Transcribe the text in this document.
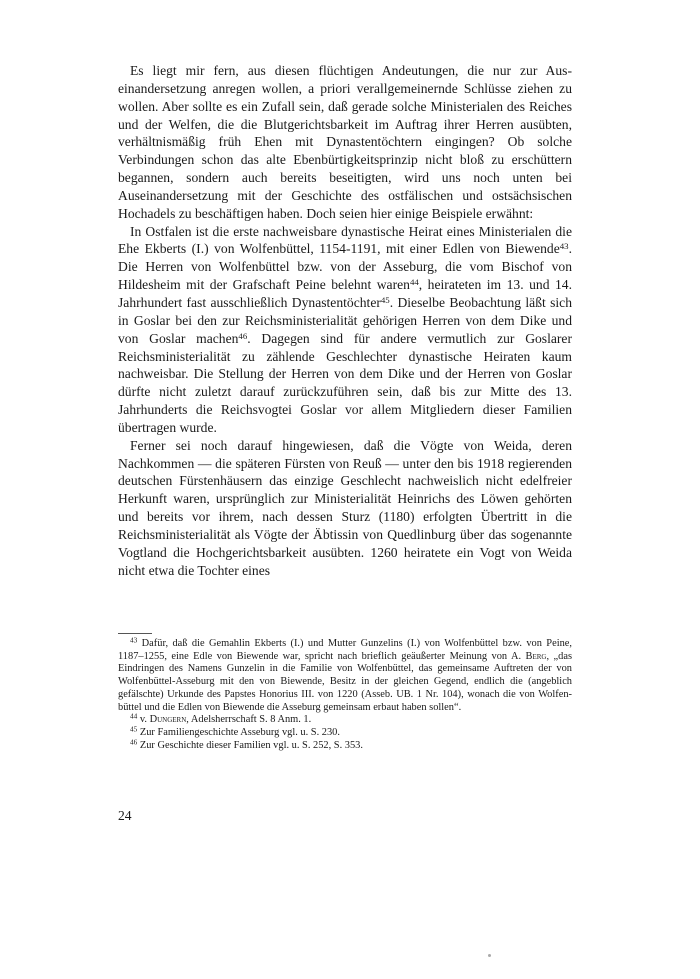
Es liegt mir fern, aus diesen flüchtigen Andeutungen, die nur zur Auseinandersetzung anregen wollen, a priori verallgemeinernde Schlüsse ziehen zu wollen. Aber sollte es ein Zufall sein, daß gerade solche Ministerialen des Reiches und der Welfen, die die Blutgerichtsbarkeit im Auftrag ihrer Herren ausübten, verhältnismäßig früh Ehen mit Dynastentöchtern eingingen? Ob solche Verbindungen schon das alte Ebenbürtigkeitsprinzip nicht bloß zu erschüttern begannen, sondern auch bereits beseitigten, wird uns noch unten bei Auseinandersetzung mit der Geschichte des ostfälischen und ostsächsischen Hochadels zu beschäftigen haben. Doch seien hier einige Beispiele erwähnt:

In Ostfalen ist die erste nachweisbare dynastische Heirat eines Ministerialen die Ehe Ekberts (I.) von Wolfenbüttel, 1154-1191, mit einer Edlen von Biewende$^{43}$. Die Herren von Wolfenbüttel bzw. von der Asseburg, die vom Bischof von Hildesheim mit der Grafschaft Peine belehnt waren$^{44}$, heirateten im 13. und 14. Jahrhundert fast ausschließlich Dynastentöchter$^{45}$. Dieselbe Beobachtung läßt sich in Goslar bei den zur Reichsministerialität gehörigen Herren von dem Dike und von Goslar machen$^{46}$. Dagegen sind für andere vermutlich zur Goslarer Reichsministerialität zu zählende Geschlechter dynastische Heiraten kaum nachweisbar. Die Stellung der Herren von dem Dike und der Herren von Goslar dürfte nicht zuletzt darauf zurückzuführen sein, daß bis zur Mitte des 13. Jahrhunderts die Reichsvogtei Goslar vor allem Mitgliedern dieser Familien übertragen wurde.

Ferner sei noch darauf hingewiesen, daß die Vögte von Weida, deren Nachkommen — die späteren Fürsten von Reuß — unter den bis 1918 regierenden deutschen Fürstenhäusern das einzige Geschlecht nachweislich nicht edelfreier Herkunft waren, ursprünglich zur Ministerialität Heinrichs des Löwen gehörten und bereits vor ihrem, nach dessen Sturz (1180) erfolgten Übertritt in die Reichsministerialität als Vögte der Äbtissin von Quedlinburg über das sogenannte Vogtland die Hochgerichtsbarkeit ausübten. 1260 heiratete ein Vogt von Weida nicht etwa die Tochter eines

$^{43}$ Dafür, daß die Gemahlin Ekberts (I.) und Mutter Gunzelins (I.) von Wolfenbüttel bzw. von Peine, 1187–1255, eine Edle von Biewende war, spricht nach brieflich geäußerter Meinung von A. Berg, „das Eindringen des Namens Gunzelin in die Familie von Wolfenbüttel, das gemeinsame Auftreten der von Wolfenbüttel-Asseburg mit den von Biewende, Besitz in der gleichen Gegend, endlich die (angeblich gefälschte) Urkunde des Papstes Honorius III. von 1220 (Asseb. UB. 1 Nr. 104), wonach die von Wolfenbüttel und die Edlen von Biewende die Asseburg gemeinsam erbaut haben sollen“.

$^{44}$ v. Dungern, Adelsherrschaft S. 8 Anm. 1.

$^{45}$ Zur Familiengeschichte Asseburg vgl. u. S. 230.

$^{46}$ Zur Geschichte dieser Familien vgl. u. S. 252, S. 353.

24
